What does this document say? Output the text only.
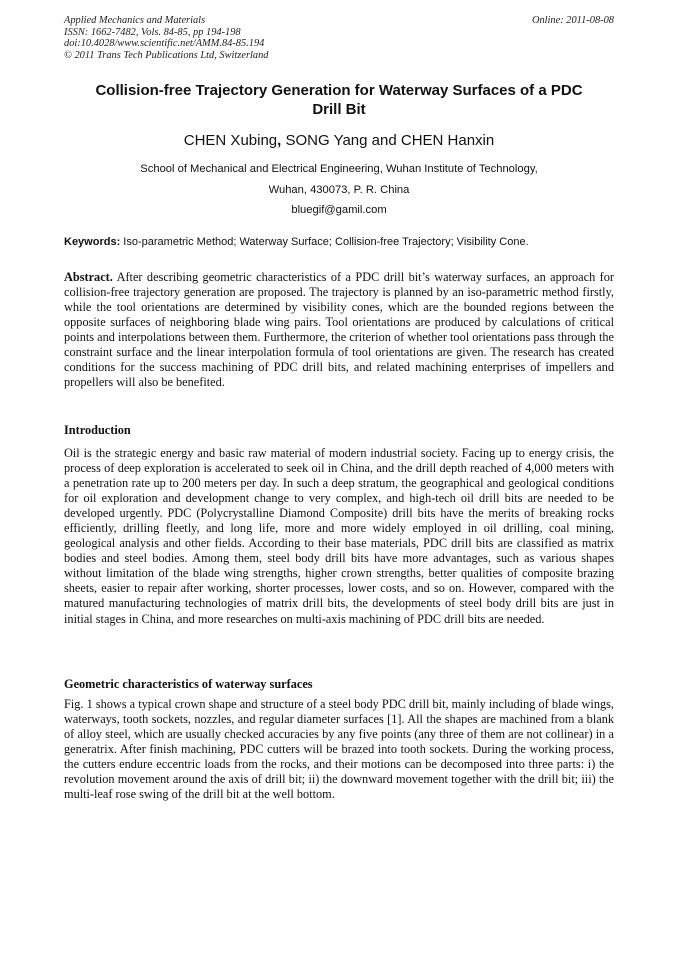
Applied Mechanics and Materials
ISSN: 1662-7482, Vols. 84-85, pp 194-198
doi:10.4028/www.scientific.net/AMM.84-85.194
© 2011 Trans Tech Publications Ltd, Switzerland
Online: 2011-08-08
Collision-free Trajectory Generation for Waterway Surfaces of a PDC
Drill Bit
CHEN Xubing, SONG Yang and CHEN Hanxin
School of Mechanical and Electrical Engineering, Wuhan Institute of Technology,
Wuhan, 430073, P. R. China
bluegif@gamil.com
Keywords: Iso-parametric Method; Waterway Surface; Collision-free Trajectory; Visibility Cone.
Abstract. After describing geometric characteristics of a PDC drill bit’s waterway surfaces, an approach for collision-free trajectory generation are proposed. The trajectory is planned by an iso-parametric method firstly, while the tool orientations are determined by visibility cones, which are the bounded regions between the opposite surfaces of neighboring blade wing pairs. Tool orientations are produced by calculations of critical points and interpolations between them. Furthermore, the criterion of whether tool orientations pass through the constraint surface and the linear interpolation formula of tool orientations are given. The research has created conditions for the success machining of PDC drill bits, and related machining enterprises of impellers and propellers will also be benefited.
Introduction
Oil is the strategic energy and basic raw material of modern industrial society. Facing up to energy crisis, the process of deep exploration is accelerated to seek oil in China, and the drill depth reached of 4,000 meters with a penetration rate up to 200 meters per day. In such a deep stratum, the geographical and geological conditions for oil exploration and development change to very complex, and high-tech oil drill bits are needed to be developed urgently. PDC (Polycrystalline Diamond Composite) drill bits have the merits of breaking rocks efficiently, drilling fleetly, and long life, more and more widely employed in oil drilling, coal mining, geological analysis and other fields. According to their base materials, PDC drill bits are classified as matrix bodies and steel bodies. Among them, steel body drill bits have more advantages, such as various shapes without limitation of the blade wing strengths, higher crown strengths, better qualities of composite brazing sheets, easier to repair after working, shorter processes, lower costs, and so on. However, compared with the matured manufacturing technologies of matrix drill bits, the developments of steel body drill bits are just in initial stages in China, and more researches on multi-axis machining of PDC drill bits are needed.
Geometric characteristics of waterway surfaces
Fig. 1 shows a typical crown shape and structure of a steel body PDC drill bit, mainly including of blade wings, waterways, tooth sockets, nozzles, and regular diameter surfaces [1]. All the shapes are machined from a blank of alloy steel, which are usually checked accuracies by any five points (any three of them are not collinear) in a generatrix. After finish machining, PDC cutters will be brazed into tooth sockets. During the working process, the cutters endure eccentric loads from the rocks, and their motions can be decomposed into three parts: i) the revolution movement around the axis of drill bit; ii) the downward movement together with the drill bit; iii) the multi-leaf rose swing of the drill bit at the well bottom.
